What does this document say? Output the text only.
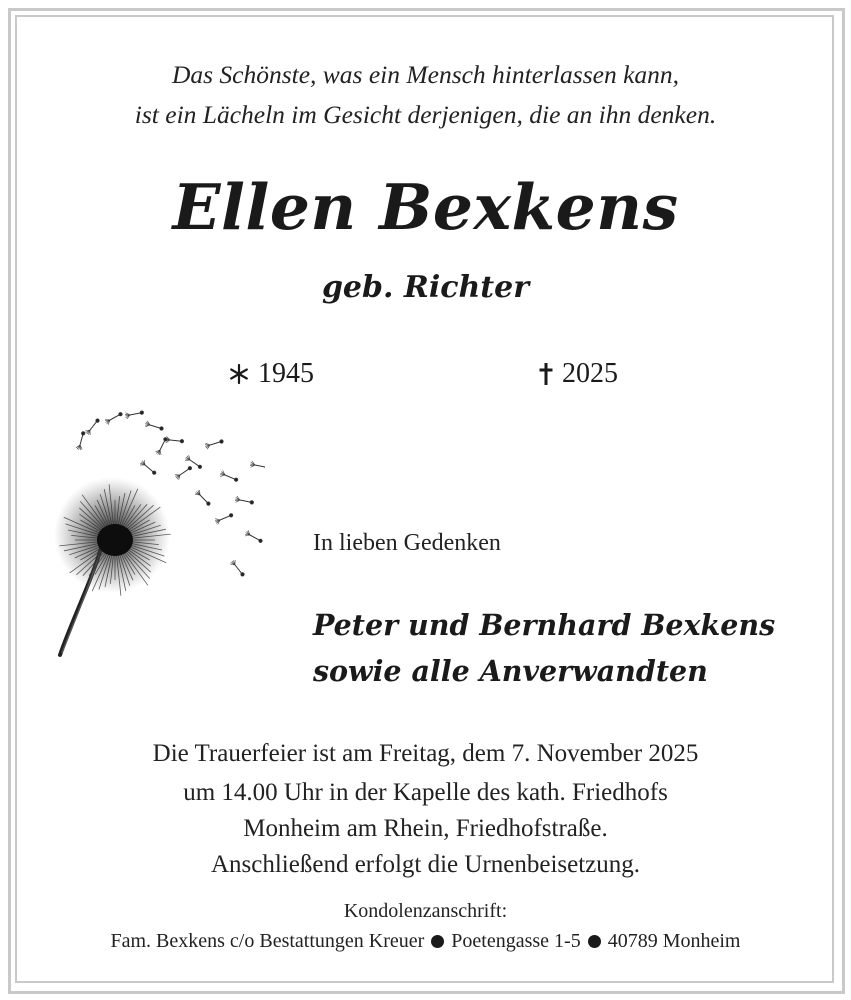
Das Schönste, was ein Mensch hinterlassen kann,
ist ein Lächeln im Gesicht derjenigen, die an ihn denken.
Ellen Bexkens
geb. Richter
1945	2025
In lieben Gedenken
Peter und Bernhard Bexkens
sowie alle Anverwandten
Die Trauerfeier ist am Freitag, dem 7. November 2025
um 14.00 Uhr in der Kapelle des kath. Friedhofs
Monheim am Rhein, Friedhofstraße.
Anschließend erfolgt die Urnenbeisetzung.
Kondolenzanschrift:
Fam. Bexkens c/o Bestattungen Kreuer Poetengasse 1-5 40789 Monheim
